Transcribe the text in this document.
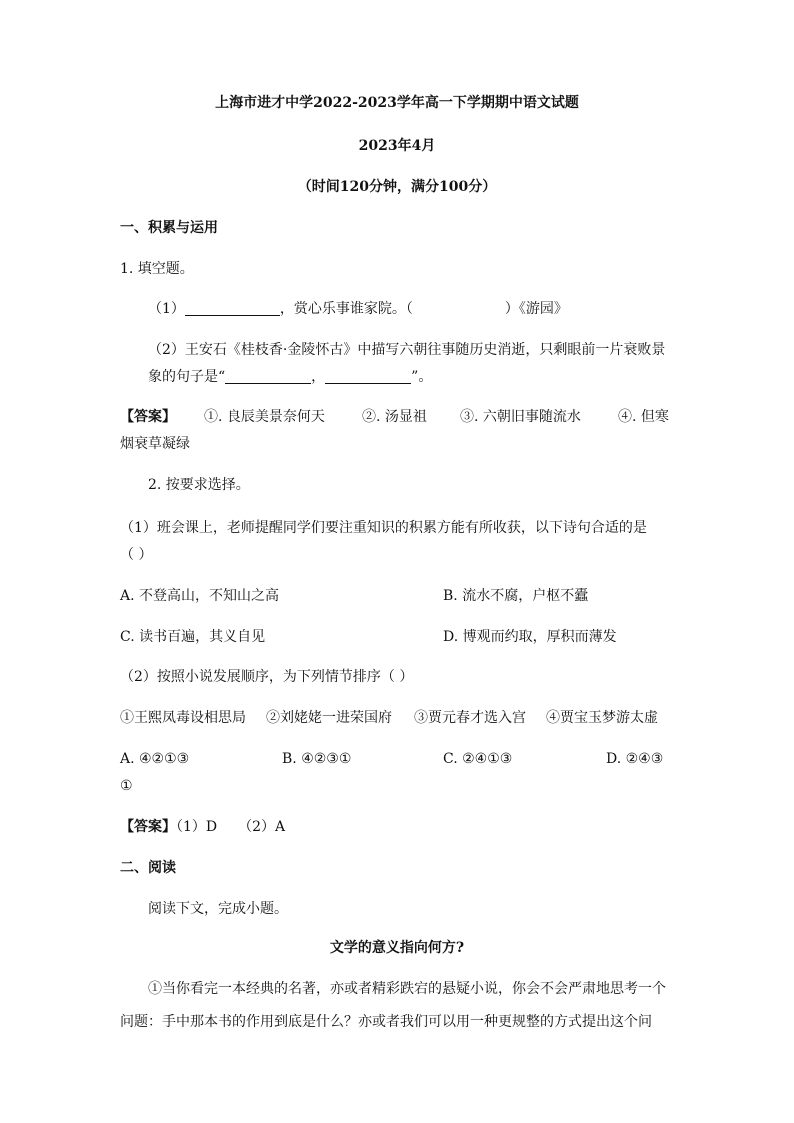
上海市进才中学2022-2023学年高一下学期期中语文试题
2023年4月
（时间120分钟，满分100分）
一、积累与运用
1. 填空题。
（1）	，赏心乐事谁家院。（	）《游园》
（2）王安石《桂枝香·金陵怀古》中描写六朝往事随历史消逝，只剩眼前一片衰败景
象的句子是“	，	”。
【答案】 ①. 良辰美景奈何天	②. 汤显祖 ③. 六朝旧事随流水	④. 但寒
烟衰草凝绿
2. 按要求选择。
（1）班会课上，老师提醒同学们要注重知识的积累方能有所收获，以下诗句合适的是
（ ）
A. 不登高山，不知山之高	B. 流水不腐，户枢不蠹
C. 读书百遍，其义自见	D. 博观而约取，厚积而薄发
（2）按照小说发展顺序，为下列情节排序（ ）
①王熙凤毒设相思局 ②刘姥姥一进荣国府 ③贾元春才选入宫 ④贾宝玉梦游太虚
A. ④②①③	B. ④②③①	C. ②④①③	D. ②④③
①
【答案】（1）D　　（2）A
二、阅读
阅读下文，完成小题。
文学的意义指向何方?
①当你看完一本经典的名著，亦或者精彩跌宕的悬疑小说，你会不会严肃地思考一个
问题：手中那本书的作用到底是什么？亦或者我们可以用一种更规整的方式提出这个问
